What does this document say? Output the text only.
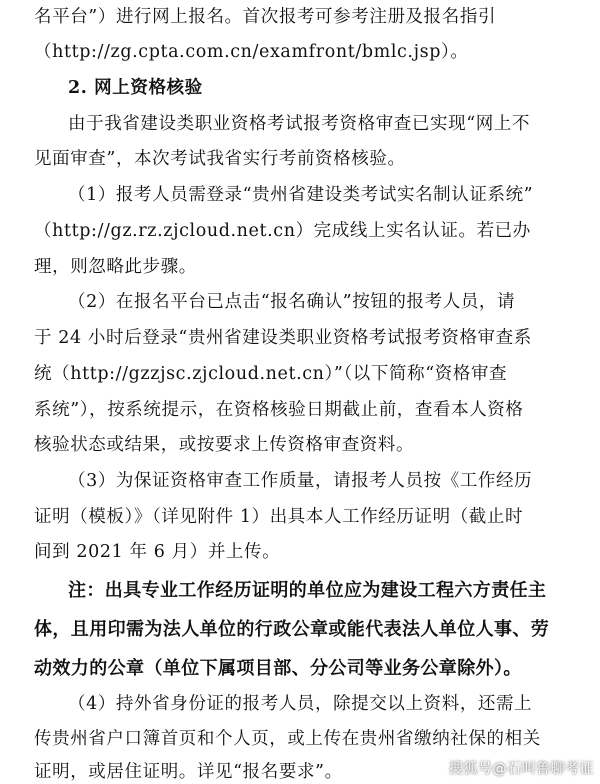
名平台”）进行网上报名。首次报考可参考注册及报名指引
（http://zg.cpta.com.cn/examfront/bmlc.jsp）。
2. 网上资格核验
由于我省建设类职业资格考试报考资格审查已实现“网上不
见面审查”，本次考试我省实行考前资格核验。
（1）报考人员需登录“贵州省建设类考试实名制认证系统”
（http://gz.rz.zjcloud.net.cn）完成线上实名认证。若已办
理，则忽略此步骤。
（2）在报名平台已点击“报名确认”按钮的报考人员，请
于 24 小时后登录“贵州省建设类职业资格考试报考资格审查系
统（http://gzzjsc.zjcloud.net.cn）”（以下简称“资格审查
系统”），按系统提示，在资格核验日期截止前，查看本人资格
核验状态或结果，或按要求上传资格审查资料。
（3）为保证资格审查工作质量，请报考人员按《工作经历
证明（模板）》（详见附件 1）出具本人工作经历证明（截止时
间到 2021 年 6 月）并上传。
注：出具专业工作经历证明的单位应为建设工程六方责任主
体，且用印需为法人单位的行政公章或能代表法人单位人事、劳
动效力的公章（单位下属项目部、分公司等业务公章除外）。
（4）持外省身份证的报考人员，除提交以上资料，还需上
传贵州省户口簿首页和个人页，或上传在贵州省缴纳社保的相关
证明，或居住证明。详见“报名要求”。	搜狐号@石叫鲁聊考证
